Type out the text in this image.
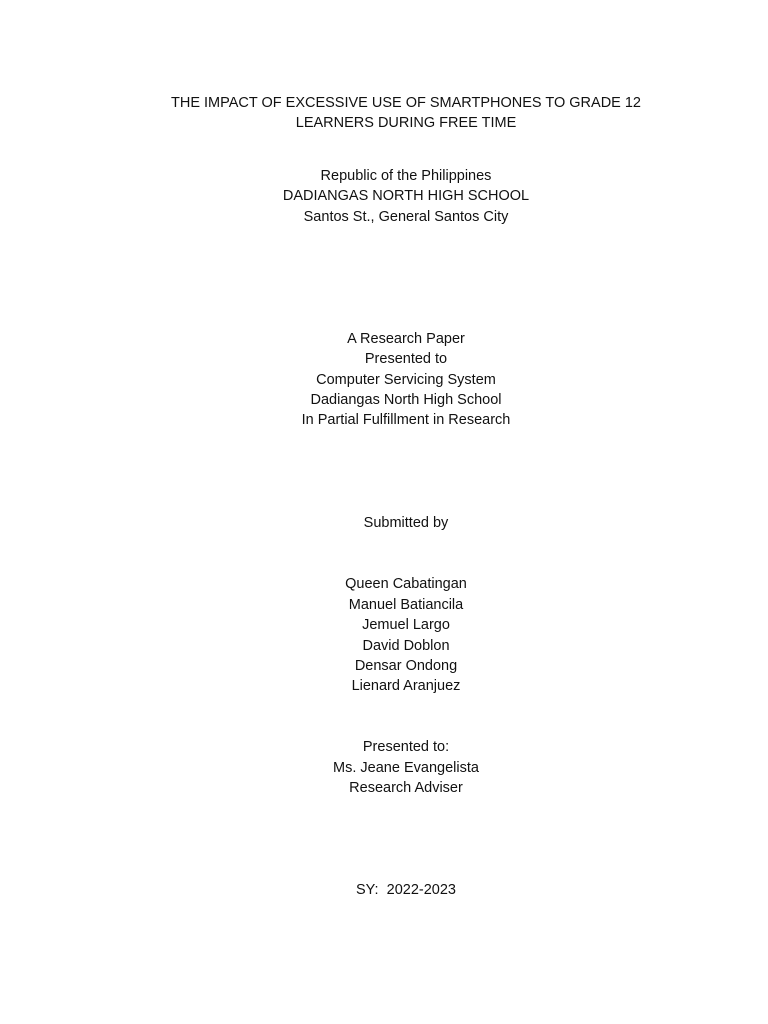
THE IMPACT OF EXCESSIVE USE OF SMARTPHONES TO GRADE 12
LEARNERS DURING FREE TIME
Republic of the Philippines
DADIANGAS NORTH HIGH SCHOOL
Santos St., General Santos City
A Research Paper
Presented to
Computer Servicing System
Dadiangas North High School
In Partial Fulfillment in Research
Submitted by
Queen Cabatingan
Manuel Batiancila
Jemuel Largo
David Doblon
Densar Ondong
Lienard Aranjuez
Presented to:
Ms. Jeane Evangelista
Research Adviser
SY:  2022-2023
